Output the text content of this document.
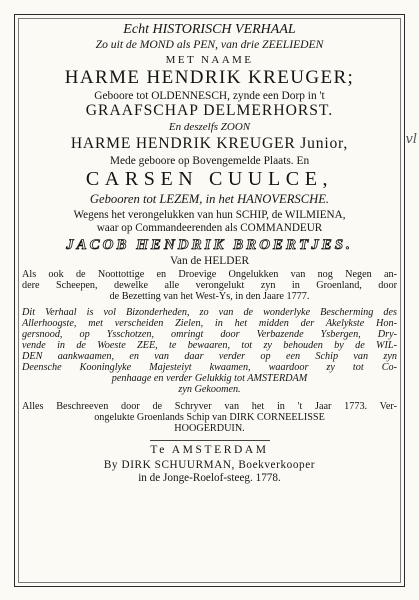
vl
Echt HISTORISCH VERHAAL
Zo uit de MOND als PEN, van drie ZEELIEDEN
MET NAAME
HARME HENDRIK KREUGER;
Geboore tot OLDENNESCH, zynde een Dorp in 't
GRAAFSCHAP DELMERHORST.
En deszelfs ZOON
HARME HENDRIK KREUGER Junior,
Mede geboore op Bovengemelde Plaats. En
CARSEN CUULCE,
Gebooren tot LEZEM, in het HANOVERSCHE.
Wegens het verongelukken van hun SCHIP, de WILMIENA,
waar op Commandeerenden als COMMANDEUR
JACOB HENDRIK BROERTJES.
Van de HELDER
Als ook de Noottottige en Droevige Ongelukken van nog Negen an-
dere Scheepen, dewelke alle verongelukt zyn in Groenland, door
de Bezetting van het West-Ys, in den Jaare 1777.
Dit Verhaal is vol Bizonderheden, zo van de wonderlyke Bescherming des
Allerhoogste, met verscheiden Zielen, in het midden der Akelykste Hon-
gersnood, op Ysschotzen, omringt door Verbazende Ysbergen, Dry-
vende in de Woeste ZEE, te bewaaren, tot zy behouden by de WIL-
DEN aankwaamen, en van daar verder op een Schip van zyn
Deensche Kooninglyke Majesteiyt kwaamen, waardoor zy tot Co-
penhaage en verder Gelukkig tot AMSTERDAM
zyn Gekoomen.
Alles Beschreeven door de Schryver van het in 't Jaar 1773. Ver-
ongelukte Groenlands Schip van DIRK CORNEELISSE
HOOGERDUIN.
Te AMSTERDAM
By DIRK SCHUURMAN, Boekverkooper
in de Jonge-Roelof-steeg. 1778.
